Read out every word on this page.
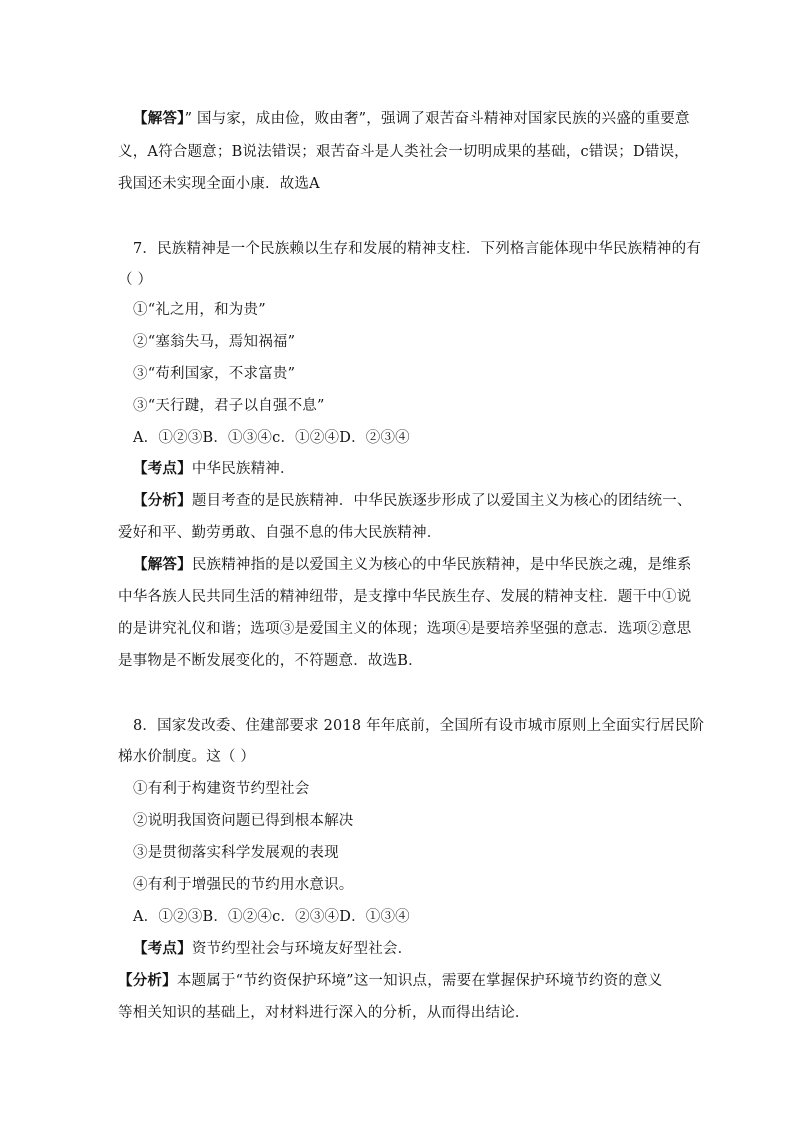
【解答】” 国与家，成由俭，败由奢”，强调了艰苦奋斗精神对国家民族的兴盛的重要意
义，A符合题意；B说法错误；艰苦奋斗是人类社会一切明成果的基础，c错误；D错误，
我国还未实现全面小康．故选A
7．民族精神是一个民族赖以生存和发展的精神支柱．下列格言能体现中华民族精神的有
（ ）
①“礼之用，和为贵”
②“塞翁失马，焉知祸福”
③“苟利国家，不求富贵”
③“天行踺，君子以自强不息”
A．①②③B．①③④c．①②④D．②③④
【考点】中华民族精神．
【分析】题目考查的是民族精神．中华民族逐步形成了以爱国主义为核心的团结统一、
爱好和平、勤劳勇敢、自强不息的伟大民族精神．
【解答】民族精神指的是以爱国主义为核心的中华民族精神，是中华民族之魂，是维系
中华各族人民共同生活的精神纽带，是支撑中华民族生存、发展的精神支柱．题干中①说
的是讲究礼仪和谐；选项③是爱国主义的体现；选项④是要培养坚强的意志．选项②意思
是事物是不断发展变化的，不符题意．故选B．
8．国家发改委、住建部要求 2018 年年底前，全国所有设市城市原则上全面实行居民阶
梯水价制度。这（ ）
①有利于构建资节约型社会
②说明我国资问题已得到根本解决
③是贯彻落实科学发展观的表现
④有利于增强民的节约用水意识。
A．①②③B．①②④c．②③④D．①③④
【考点】资节约型社会与环境友好型社会．
【分析】本题属于“节约资保护环境”这一知识点，需要在掌握保护环境节约资的意义
等相关知识的基础上，对材料进行深入的分析，从而得出结论．
